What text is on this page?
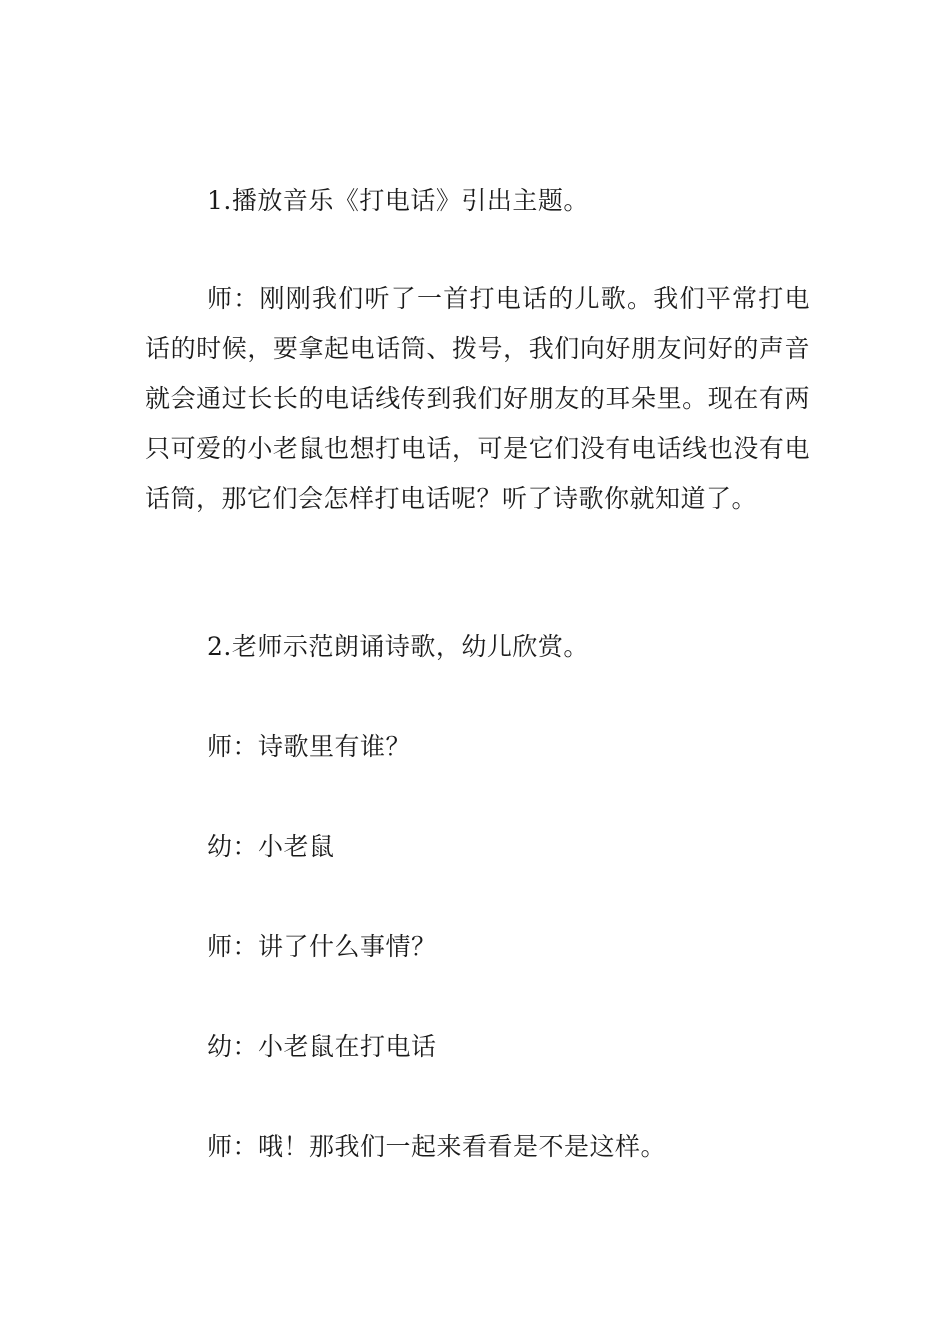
1.播放音乐《打电话》引出主题。

师：刚刚我们听了一首打电话的儿歌。我们平常打电话的时候，要拿起电话筒、拨号，我们向好朋友问好的声音就会通过长长的电话线传到我们好朋友的耳朵里。现在有两只可爱的小老鼠也想打电话，可是它们没有电话线也没有电话筒，那它们会怎样打电话呢？听了诗歌你就知道了。

2.老师示范朗诵诗歌，幼儿欣赏。

师：诗歌里有谁？

幼：小老鼠

师：讲了什么事情？

幼：小老鼠在打电话

师：哦！那我们一起来看看是不是这样。
